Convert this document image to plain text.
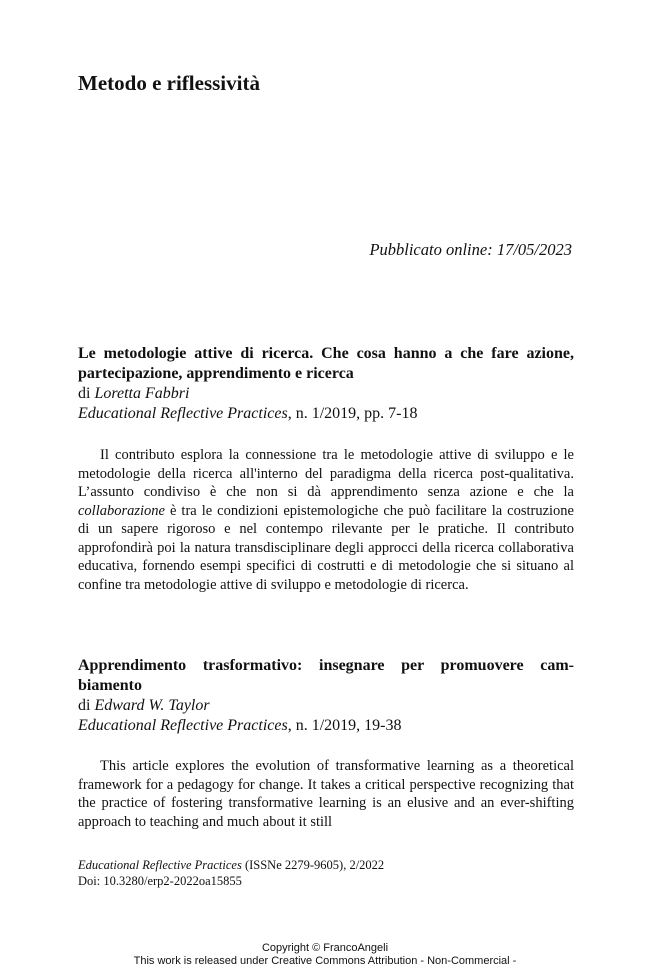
Metodo e riflessività
Pubblicato online: 17/05/2023
Le metodologie attive di ricerca. Che cosa hanno a che fare azione, partecipazione, apprendimento e ricerca
di Loretta Fabbri
Educational Reflective Practices, n. 1/2019, pp. 7-18

Il contributo esplora la connessione tra le metodologie attive di sviluppo e le metodologie della ricerca all'interno del paradigma della ricerca post-qualitativa. L’assunto condiviso è che non si dà apprendimento senza azione e che la collaborazione è tra le condizioni epistemologiche che può facilitare la costruzione di un sapere rigoroso e nel contempo rilevante per le pratiche. Il contributo approfondirà poi la natura transdisciplinare degli approcci della ricerca collaborativa educativa, fornendo esempi specifici di costrutti e di metodologie che si situano al confine tra metodologie attive di sviluppo e metodologie di ricerca.

Apprendimento trasformativo: insegnare per promuovere cam-biamento
di Edward W. Taylor
Educational Reflective Practices, n. 1/2019, 19-38

This article explores the evolution of transformative learning as a theoretical framework for a pedagogy for change. It takes a critical perspective recognizing that the practice of fostering transformative learning is an elusive and an ever-shifting approach to teaching and much about it still

Educational Reflective Practices (ISSNe 2279-9605), 2/2022
Doi: 10.3280/erp2-2022oa15855
Copyright © FrancoAngeli
This work is released under Creative Commons Attribution - Non-Commercial -
